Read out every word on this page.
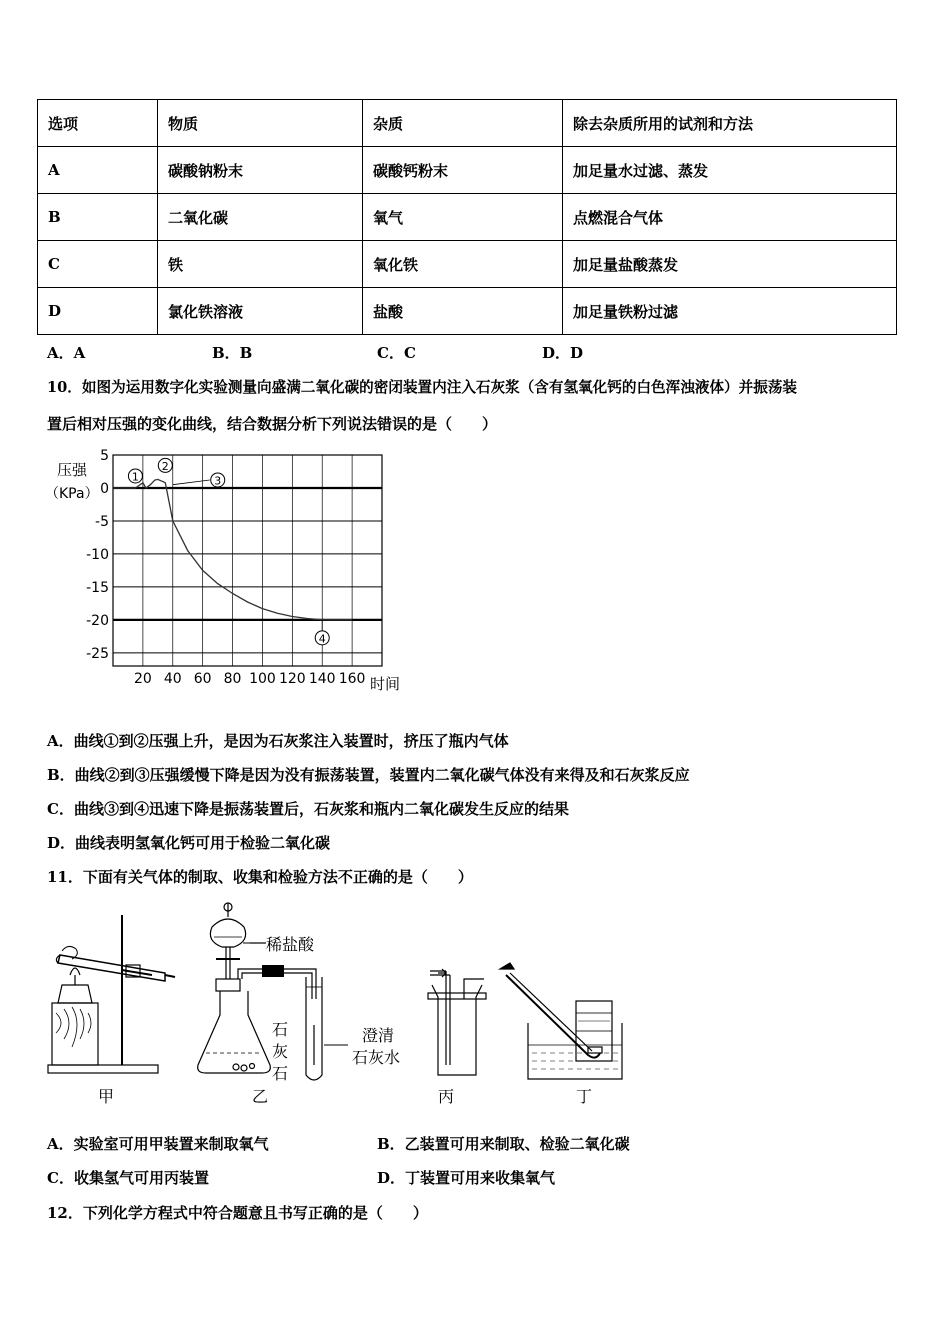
选项	物质	杂质	除去杂质所用的试剂和方法
A	碳酸钠粉末	碳酸钙粉末	加足量水过滤、蒸发
B	二氧化碳	氧气	点燃混合气体
C	铁	氧化铁	加足量盐酸蒸发
D	氯化铁溶液	盐酸	加足量铁粉过滤
A．A	B．B	C．C	D．D
10．如图为运用数字化实验测量向盛满二氧化碳的密闭装置内注入石灰浆（含有氢氧化钙的白色浑浊液体）并振荡装
置后相对压强的变化曲线，结合数据分析下列说法错误的是（　　）
5
0
-5
-10
-15
-20
-25
20 40 60 80 100 120 140 160
压强
（KPa）
时间
1
2
3
4
A．曲线①到②压强上升，是因为石灰浆注入装置时，挤压了瓶内气体
B．曲线②到③压强缓慢下降是因为没有振荡装置，装置内二氧化碳气体没有来得及和石灰浆反应
C．曲线③到④迅速下降是振荡装置后，石灰浆和瓶内二氧化碳发生反应的结果
D．曲线表明氢氧化钙可用于检验二氧化碳
11．下面有关气体的制取、收集和检验方法不正确的是（　　）
甲
稀盐酸
石
灰
石
澄清
石灰水
乙	丙	丁
A．实验室可用甲装置来制取氧气	B．乙装置可用来制取、检验二氧化碳
C．收集氢气可用丙装置	D．丁装置可用来收集氧气
12．下列化学方程式中符合题意且书写正确的是（　　）
